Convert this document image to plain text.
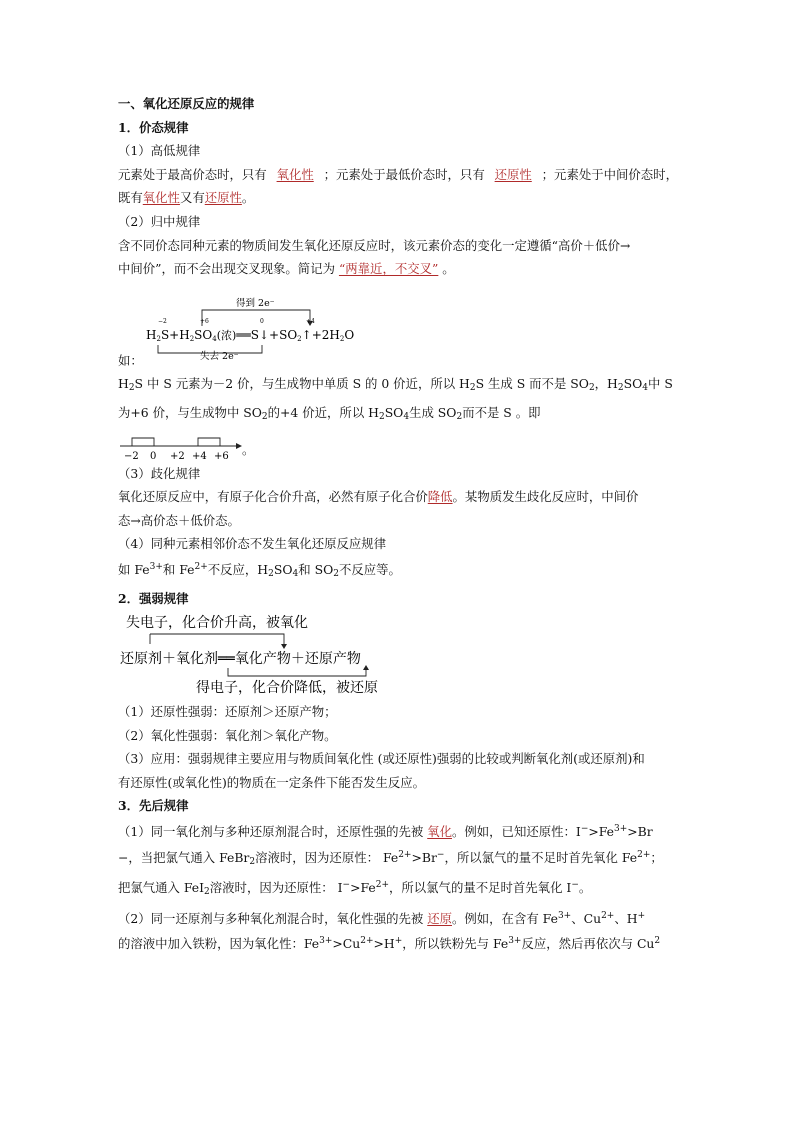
一、氧化还原反应的规律
1．价态规律
（1）高低规律
元素处于最高价态时，只有 氧化性 ；元素处于最低价态时，只有 还原性 ；元素处于中间价态时，
既有氧化性又有还原性。
（2）归中规律
含不同价态同种元素的物质间发生氧化还原反应时，该元素价态的变化一定遵循“高价＋低价→
中间价”，而不会出现交叉现象。简记为 “两靠近，不交叉” 。
得到 2e⁻
失去 2e⁻
−2	+6	0	+4
H2S+H2SO4(浓)══S↓+SO2↑+2H2O
如：
$H_2S$ 中 S 元素为－2 价，与生成物中单质 S 的 0 价近，所以 $H_2S$ 生成 S 而不是 $SO_2$，$H_2SO_4$中 S
为+6 价，与生成物中 $SO_2$的+4 价近，所以 $H_2SO_4$生成 $SO_2$而不是 S 。即
−2 0 +2 +4 +6 。
（3）歧化规律
氧化还原反应中，有原子化合价升高，必然有原子化合价降低。某物质发生歧化反应时，中间价
态→高价态＋低价态。
（4）同种元素相邻价态不发生氧化还原反应规律
如 $Fe^{3+}$和 $Fe^{2+}$不反应，$H_2SO_4$和 $SO_2$不反应等。
2．强弱规律
失电子，化合价升高，被氧化
还原剂＋氧化剂══氧化产物＋还原产物
得电子，化合价降低，被还原
（1）还原性强弱：还原剂＞还原产物；
（2）氧化性强弱：氧化剂＞氧化产物。
（3）应用：强弱规律主要应用与物质间氧化性 (或还原性)强弱的比较或判断氧化剂(或还原剂)和
有还原性(或氧化性)的物质在一定条件下能否发生反应。
3．先后规律
（1）同一氧化剂与多种还原剂混合时，还原性强的先被 氧化。例如，已知还原性：$I^->Fe^{3+}>Br$
−，当把氯气通入 FeBr$_2$溶液时，因为还原性： $Fe^{2+}>Br^-$，所以氯气的量不足时首先氧化 $Fe^{2+}$；
把氯气通入 FeI$_2$溶液时，因为还原性： $I^->Fe^{2+}$，所以氯气的量不足时首先氧化 I−。
（2）同一还原剂与多种氧化剂混合时，氧化性强的先被 还原。例如，在含有 $Fe^{3+}$、$Cu^{2+}$、H+
的溶液中加入铁粉，因为氧化性：$Fe^{3+}>Cu^{2+}>H^+$，所以铁粉先与 $Fe^{3+}$反应，然后再依次与 Cu$^2$
